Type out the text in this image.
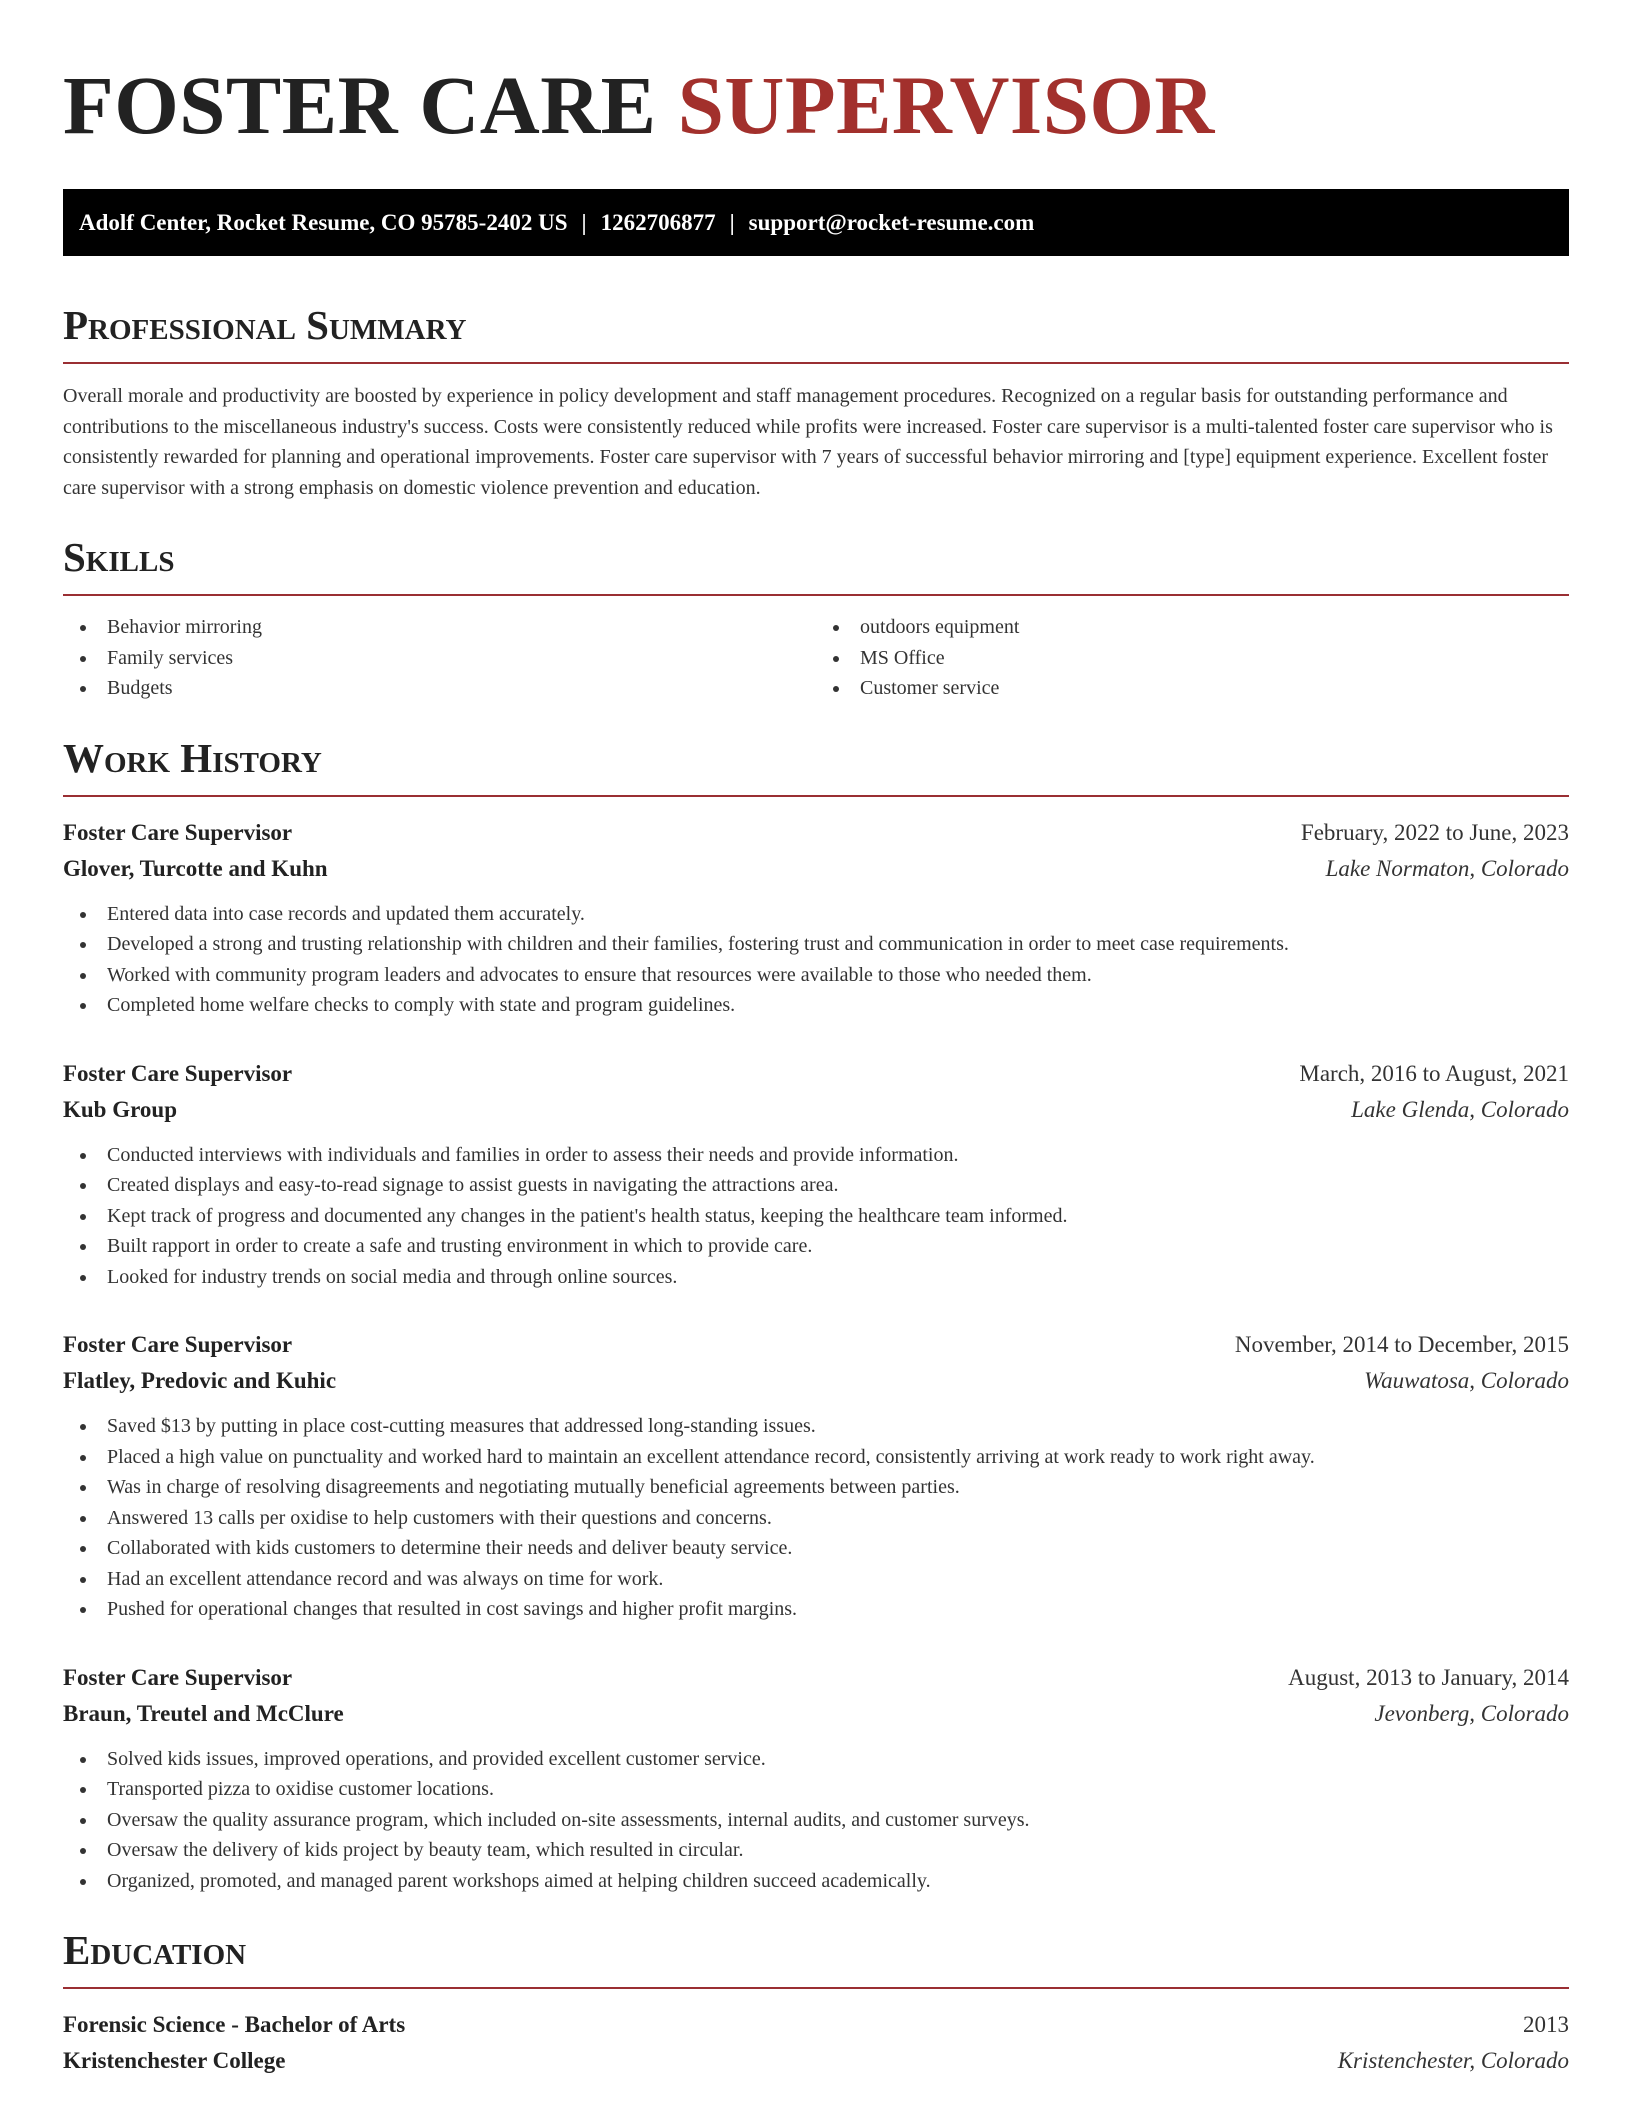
FOSTER CARE SUPERVISOR
Adolf Center, Rocket Resume, CO 95785-2402 US | 1262706877 | support@rocket-resume.com
Professional Summary

Overall morale and productivity are boosted by experience in policy development and staff management procedures. Recognized on a regular basis for outstanding performance and contributions to the miscellaneous industry's success. Costs were consistently reduced while profits were increased. Foster care supervisor is a multi-talented foster care supervisor who is consistently rewarded for planning and operational improvements. Foster care supervisor with 7 years of successful behavior mirroring and [type] equipment experience. Excellent foster care supervisor with a strong emphasis on domestic violence prevention and education.

Skills
Behavior mirroring
Family services
Budgets
outdoors equipment
MS Office
Customer service
Work History
Foster Care Supervisor	February, 2022 to June, 2023
Glover, Turcotte and Kuhn	Lake Normaton, Colorado
Entered data into case records and updated them accurately.
Developed a strong and trusting relationship with children and their families, fostering trust and communication in order to meet case requirements.
Worked with community program leaders and advocates to ensure that resources were available to those who needed them.
Completed home welfare checks to comply with state and program guidelines.
Foster Care Supervisor	March, 2016 to August, 2021
Kub Group	Lake Glenda, Colorado
Conducted interviews with individuals and families in order to assess their needs and provide information.
Created displays and easy-to-read signage to assist guests in navigating the attractions area.
Kept track of progress and documented any changes in the patient's health status, keeping the healthcare team informed.
Built rapport in order to create a safe and trusting environment in which to provide care.
Looked for industry trends on social media and through online sources.
Foster Care Supervisor	November, 2014 to December, 2015
Flatley, Predovic and Kuhic	Wauwatosa, Colorado
Saved $13 by putting in place cost-cutting measures that addressed long-standing issues.
Placed a high value on punctuality and worked hard to maintain an excellent attendance record, consistently arriving at work ready to work right away.
Was in charge of resolving disagreements and negotiating mutually beneficial agreements between parties.
Answered 13 calls per oxidise to help customers with their questions and concerns.
Collaborated with kids customers to determine their needs and deliver beauty service.
Had an excellent attendance record and was always on time for work.
Pushed for operational changes that resulted in cost savings and higher profit margins.
Foster Care Supervisor	August, 2013 to January, 2014
Braun, Treutel and McClure	Jevonberg, Colorado
Solved kids issues, improved operations, and provided excellent customer service.
Transported pizza to oxidise customer locations.
Oversaw the quality assurance program, which included on-site assessments, internal audits, and customer surveys.
Oversaw the delivery of kids project by beauty team, which resulted in circular.
Organized, promoted, and managed parent workshops aimed at helping children succeed academically.
Education
Forensic Science - Bachelor of Arts	2013
Kristenchester College	Kristenchester, Colorado
